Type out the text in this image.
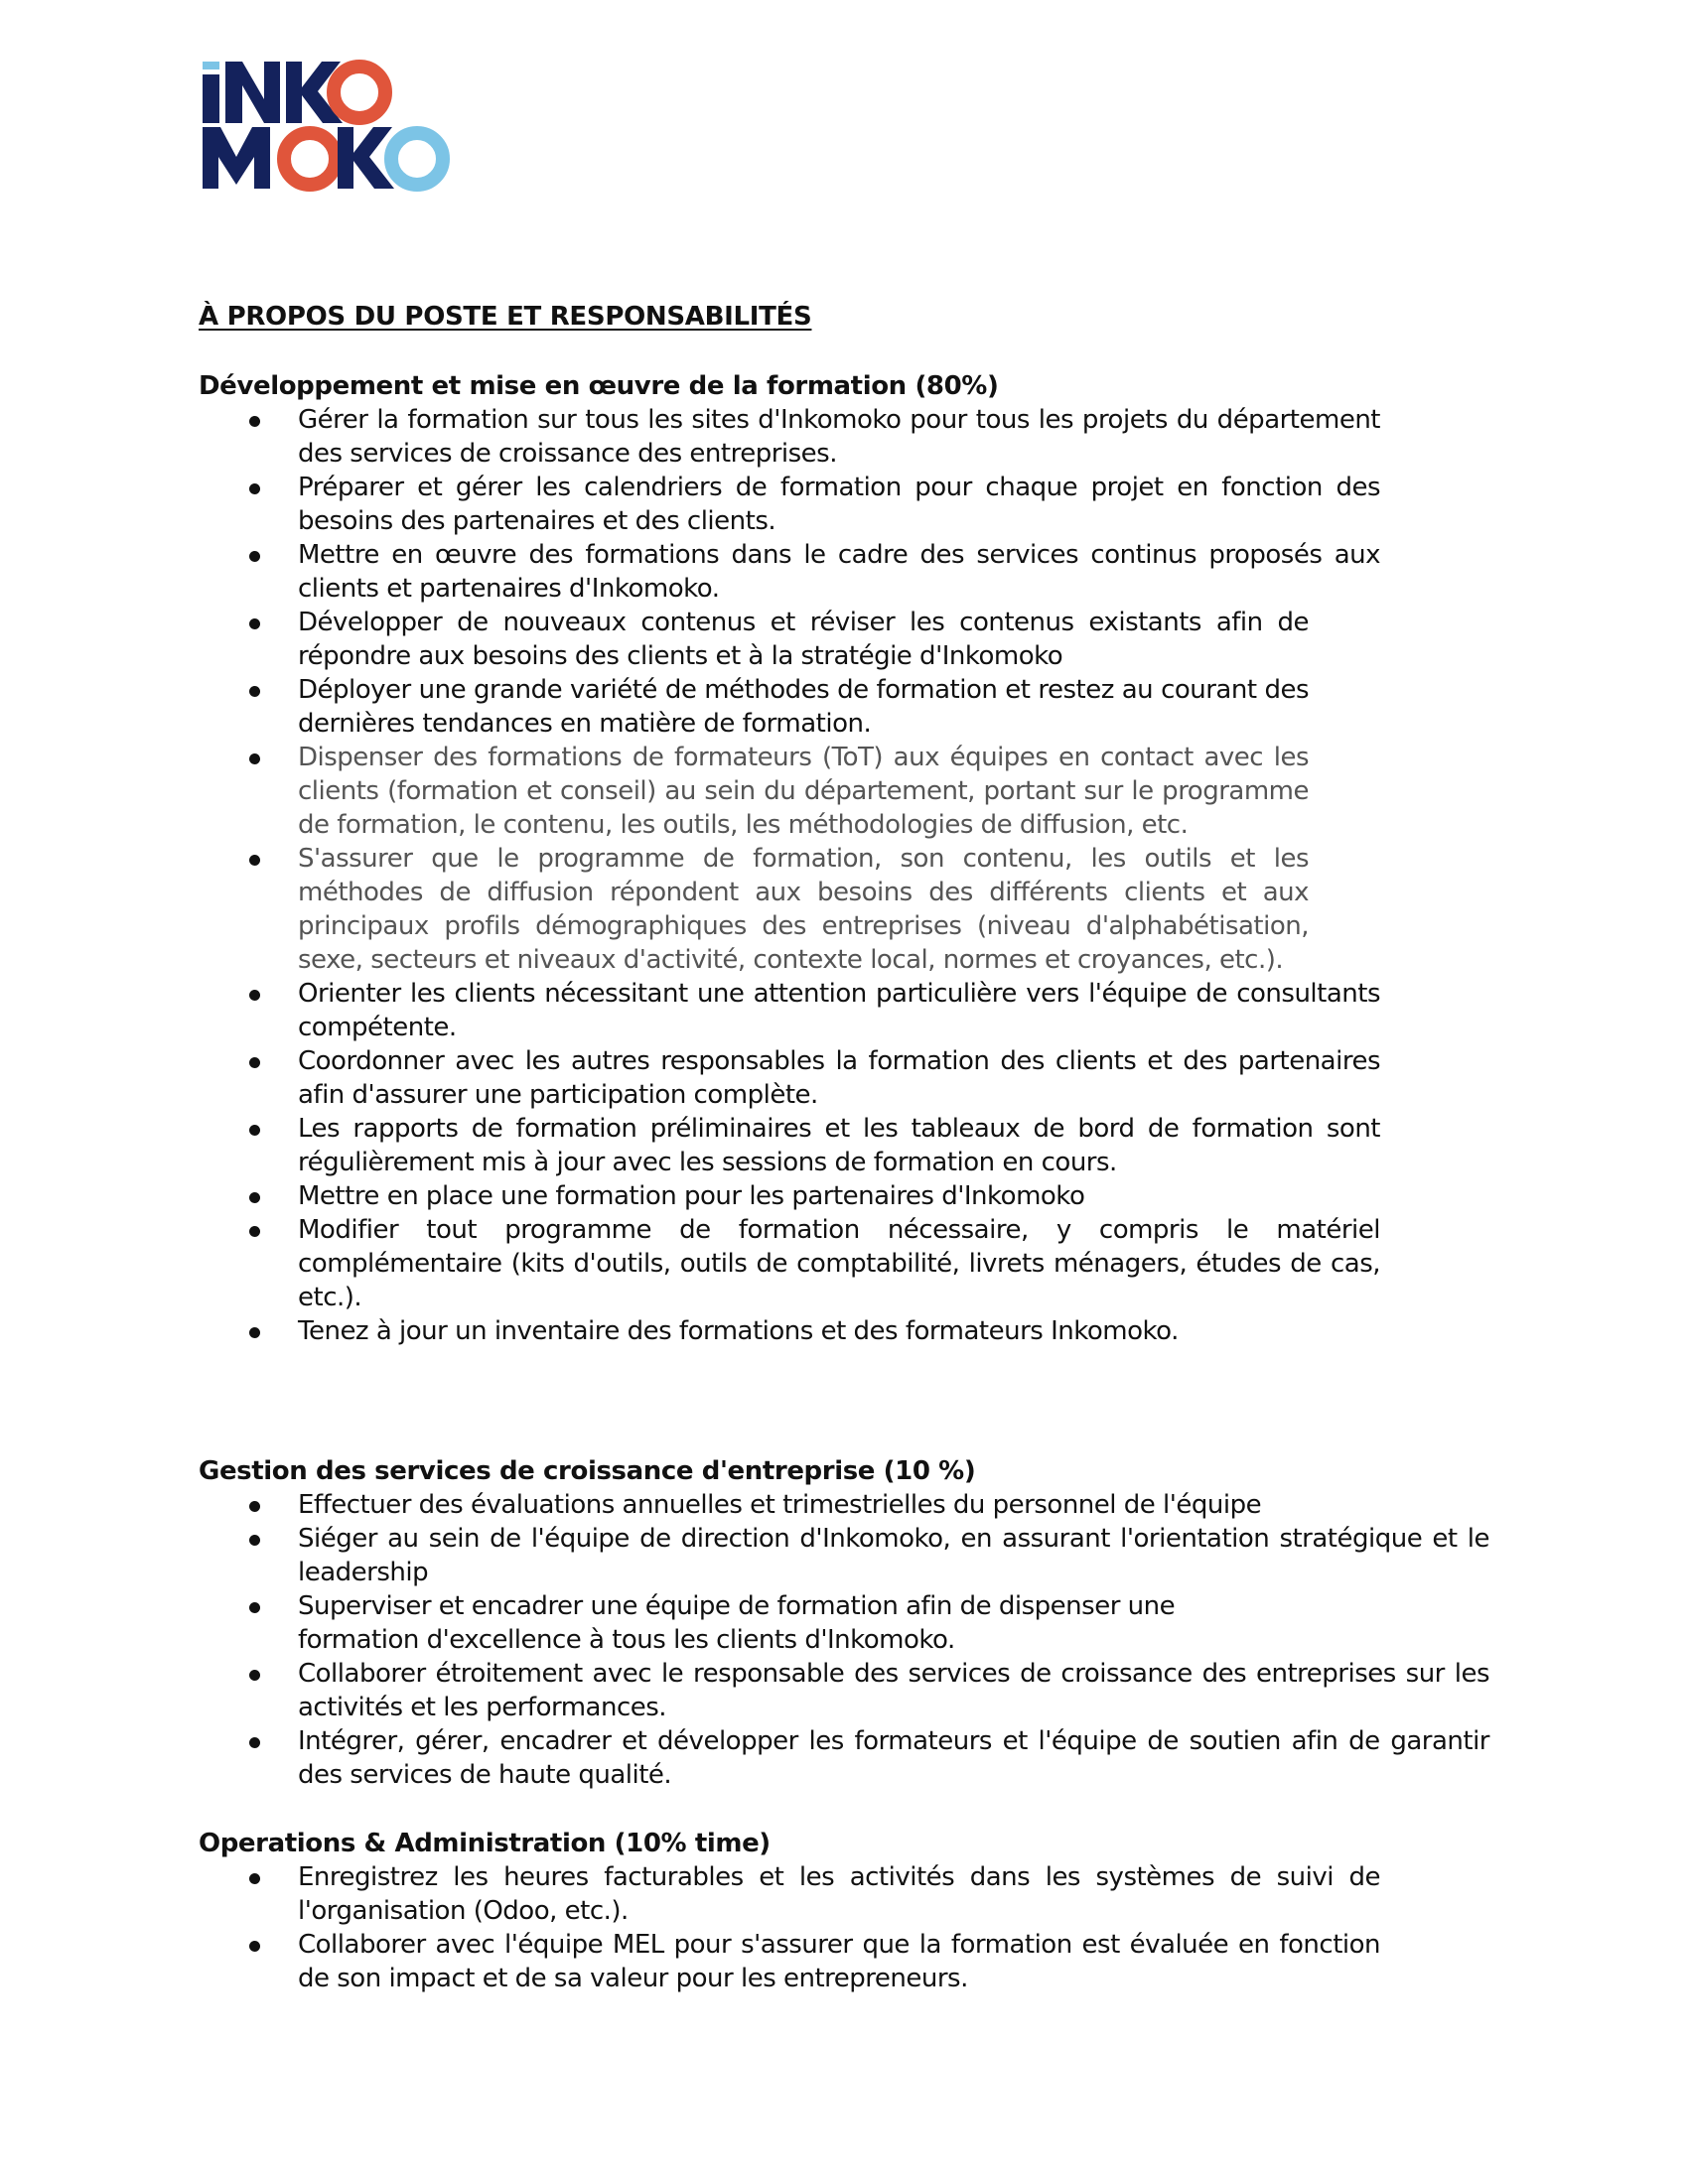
À PROPOS DU POSTE ET RESPONSABILITÉS
Développement et mise en œuvre de la formation (80%)
Gérer la formation sur tous les sites d'Inkomoko pour tous les projets du département des services de croissance des entreprises.
Préparer et gérer les calendriers de formation pour chaque projet en fonction des besoins des partenaires et des clients.
Mettre en œuvre des formations dans le cadre des services continus proposés aux clients et partenaires d'Inkomoko.
Développer de nouveaux contenus et réviser les contenus existants afin de répondre aux besoins des clients et à la stratégie d'Inkomoko
Déployer une grande variété de méthodes de formation et restez au courant des dernières tendances en matière de formation.
Dispenser des formations de formateurs (ToT) aux équipes en contact avec les clients (formation et conseil) au sein du département, portant sur le programme de formation, le contenu, les outils, les méthodologies de diffusion, etc.
S'assurer que le programme de formation, son contenu, les outils et les méthodes de diffusion répondent aux besoins des différents clients et aux principaux profils démographiques des entreprises (niveau d'alphabétisation, sexe, secteurs et niveaux d'activité, contexte local, normes et croyances, etc.).
Orienter les clients nécessitant une attention particulière vers l'équipe de consultants compétente.
Coordonner avec les autres responsables la formation des clients et des partenaires afin d'assurer une participation complète.
Les rapports de formation préliminaires et les tableaux de bord de formation sont régulièrement mis à jour avec les sessions de formation en cours.
Mettre en place une formation pour les partenaires d'Inkomoko
Modifier tout programme de formation nécessaire, y compris le matériel complémentaire (kits d'outils, outils de comptabilité, livrets ménagers, études de cas, etc.).
Tenez à jour un inventaire des formations et des formateurs Inkomoko.
Gestion des services de croissance d'entreprise (10 %)
Effectuer des évaluations annuelles et trimestrielles du personnel de l'équipe
Siéger au sein de l'équipe de direction d'Inkomoko, en assurant l'orientation stratégique et le leadership
Superviser et encadrer une équipe de formation afin de dispenser une formation d'excellence à tous les clients d'Inkomoko.
Collaborer étroitement avec le responsable des services de croissance des entreprises sur les activités et les performances.
Intégrer, gérer, encadrer et développer les formateurs et l'équipe de soutien afin de garantir des services de haute qualité.
Operations & Administration (10% time)
Enregistrez les heures facturables et les activités dans les systèmes de suivi de l'organisation (Odoo, etc.).
Collaborer avec l'équipe MEL pour s'assurer que la formation est évaluée en fonction de son impact et de sa valeur pour les entrepreneurs.
